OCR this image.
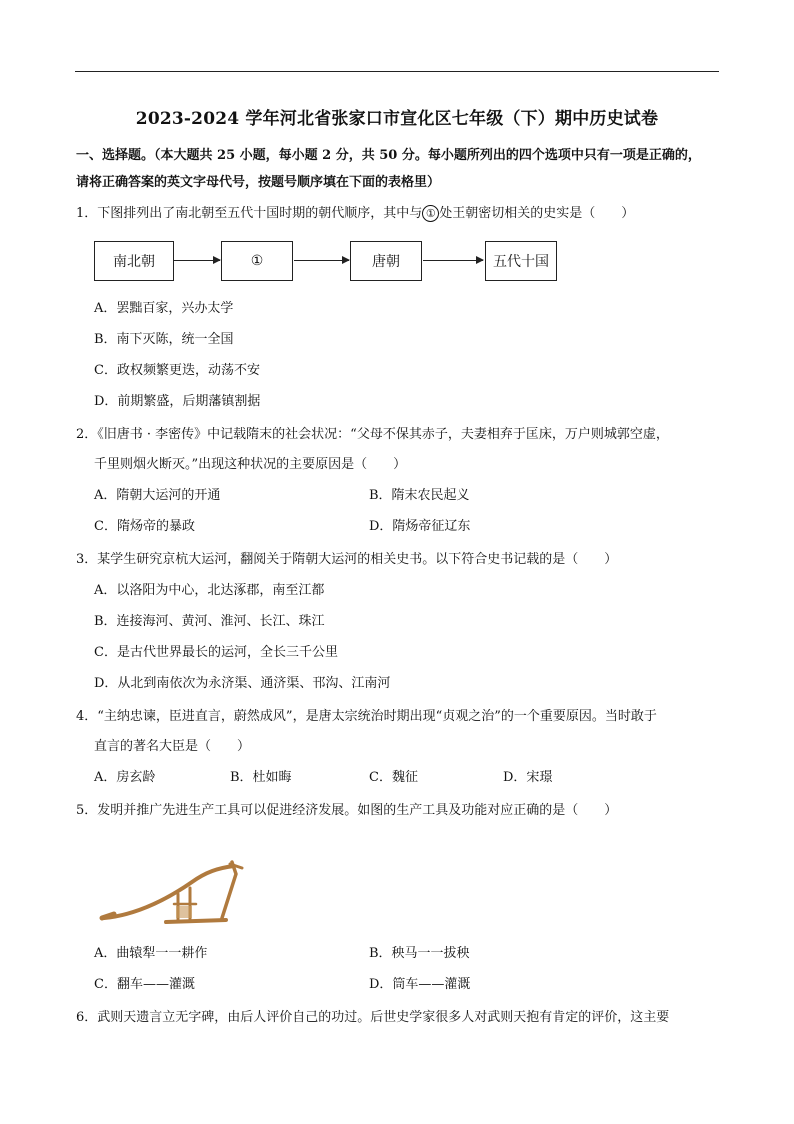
2023-2024 学年河北省张家口市宣化区七年级（下）期中历史试卷
一、选择题。（本大题共 25 小题，每小题 2 分，共 50 分。每小题所列出的四个选项中只有一项是正确的，
请将正确答案的英文字母代号，按题号顺序填在下面的表格里）
1．下图排列出了南北朝至五代十国时期的朝代顺序，其中与 ① 处王朝密切相关的史实是（　　）
南北朝	①	唐朝	五代十国
A．罢黜百家，兴办太学
B．南下灭陈，统一全国
C．政权频繁更迭，动荡不安
D．前期繁盛，后期藩镇割据
2．《旧唐书 · 李密传》中记载隋末的社会状况：“父母不保其赤子，夫妻相弃于匡床，万户则城郭空虚，
千里则烟火断灭。”出现这种状况的主要原因是（　　）
A．隋朝大运河的开通	B．隋末农民起义
C．隋炀帝的暴政	D．隋炀帝征辽东
3．某学生研究京杭大运河，翻阅关于隋朝大运河的相关史书。以下符合史书记载的是（　　）
A．以洛阳为中心，北达涿郡，南至江都
B．连接海河、黄河、淮河、长江、珠江
C．是古代世界最长的运河，全长三千公里
D．从北到南依次为永济渠、通济渠、邗沟、江南河
4．“主纳忠谏，臣进直言，蔚然成风”，是唐太宗统治时期出现“贞观之治”的一个重要原因。当时敢于
直言的著名大臣是（　　）
A．房玄龄	B．杜如晦	C．魏征	D．宋璟
5．发明并推广先进生产工具可以促进经济发展。如图的生产工具及功能对应正确的是（　　）
A．曲辕犁一一耕作	B．秧马一一拔秧
C．翻车——灌溉	D．筒车——灌溉
6．武则天遗言立无字碑，由后人评价自己的功过。后世史学家很多人对武则天抱有肯定的评价，这主要
